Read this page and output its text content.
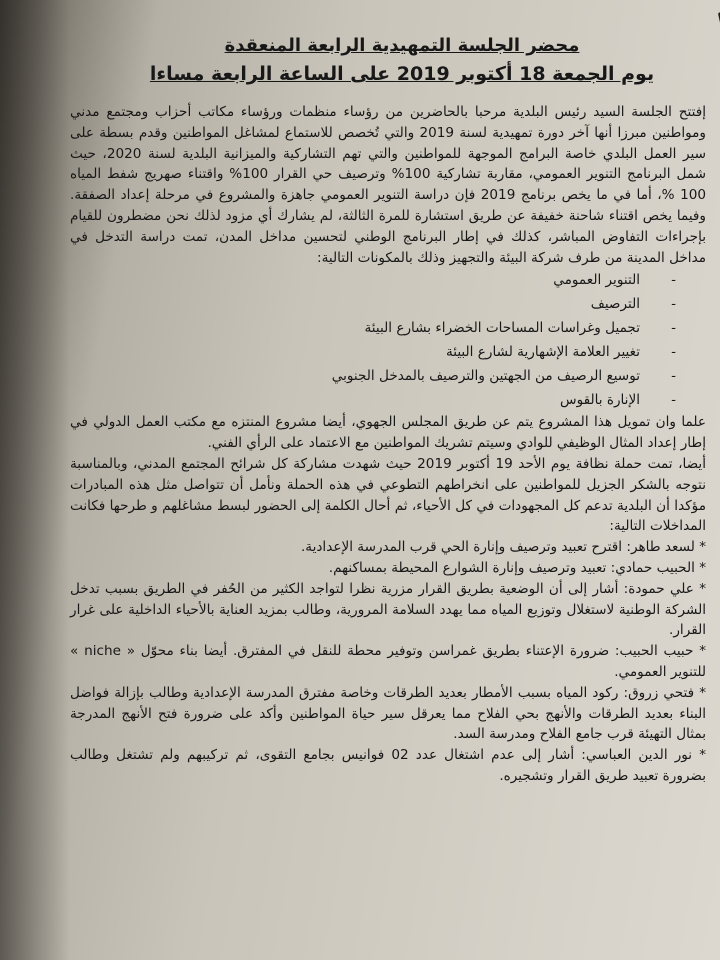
محضر الجلسة التمهيدية الرابعة المنعقدة
يوم الجمعة 18 أكتوبر 2019 على الساعة الرابعة مساءا

إفتتح الجلسة السيد رئيس البلدية مرحبا بالحاضرين من رؤساء منظمات ورؤساء مكاتب أحزاب ومجتمع مدني ومواطنين مبرزا أنها آخر دورة تمهيدية لسنة 2019 والتي تُخصص للاستماع لمشاغل المواطنين وقدم بسطة على سير العمل البلدي خاصة البرامج الموجهة للمواطنين والتي تهم التشاركية والميزانية البلدية لسنة 2020، حيث شمل البرنامج التنوير العمومي، مقاربة تشاركية 100% وترصيف حي القرار 100% واقتناء صهريج شفط المياه 100 %، أما في ما يخص برنامج 2019 فإن دراسة التنوير العمومي جاهزة والمشروع في مرحلة إعداد الصفقة. وفيما يخص اقتناء شاحنة خفيفة عن طريق استشارة للمرة الثالثة، لم يشارك أي مزود لذلك نحن مضطرون للقيام بإجراءات التفاوض المباشر، كذلك في إطار البرنامج الوطني لتحسين مداخل المدن، تمت دراسة التدخل في مداخل المدينة من طرف شركة البيئة والتجهيز وذلك بالمكونات التالية:

- التنوير العمومي
- الترصيف
- تجميل وغراسات المساحات الخضراء بشارع البيئة
- تغيير العلامة الإشهارية لشارع البيئة
- توسيع الرصيف من الجهتين والترصيف بالمدخل الجنوبي
- الإنارة بالقوس

علما وان تمويل هذا المشروع يتم عن طريق المجلس الجهوي، أيضا مشروع المنتزه مع مكتب العمل الدولي في إطار إعداد المثال الوظيفي للوادي وسيتم تشريك المواطنين مع الاعتماد على الرأي الفني.

أيضا، تمت حملة نظافة يوم الأحد 19 أكتوبر 2019 حيث شهدت مشاركة كل شرائح المجتمع المدني، وبالمناسبة نتوجه بالشكر الجزيل للمواطنين على انخراطهم التطوعي في هذه الحملة ونأمل أن تتواصل مثل هذه المبادرات مؤكدا أن البلدية تدعم كل المجهودات في كل الأحياء، ثم أحال الكلمة إلى الحضور لبسط مشاغلهم و طرحها فكانت المداخلات التالية:

* لسعد طاهر: اقترح تعبيد وترصيف وإنارة الحي قرب المدرسة الإعدادية.

* الحبيب حمادي: تعبيد وترصيف وإنارة الشوارع المحيطة بمساكنهم.

* علي حمودة: أشار إلى أن الوضعية بطريق القرار مزرية نظرا لتواجد الكثير من الحُفر في الطريق بسبب تدخل الشركة الوطنية لاستغلال وتوزيع المياه مما يهدد السلامة المرورية، وطالب بمزيد العناية بالأحياء الداخلية على غرار القرار.

* حبيب الحبيب: ضرورة الإعتناء بطريق غمراسن وتوفير محطة للنقل في المفترق. أيضا بناء محوّل « niche » للتنوير العمومي.

* فتحي زروق: ركود المياه بسبب الأمطار بعديد الطرقات وخاصة مفترق المدرسة الإعدادية وطالب بإزالة فواضل البناء بعديد الطرقات والأنهج بحي الفلاح مما يعرقل سير حياة المواطنين وأكد على ضرورة فتح الأنهج المدرجة بمثال التهيئة قرب جامع الفلاح ومدرسة السد.

* نور الدين العباسي: أشار إلى عدم اشتغال عدد 02 فوانيس بجامع التقوى، ثم تركيبهم ولم تشتغل وطالب بضرورة تعبيد طريق القرار وتشجيره.
